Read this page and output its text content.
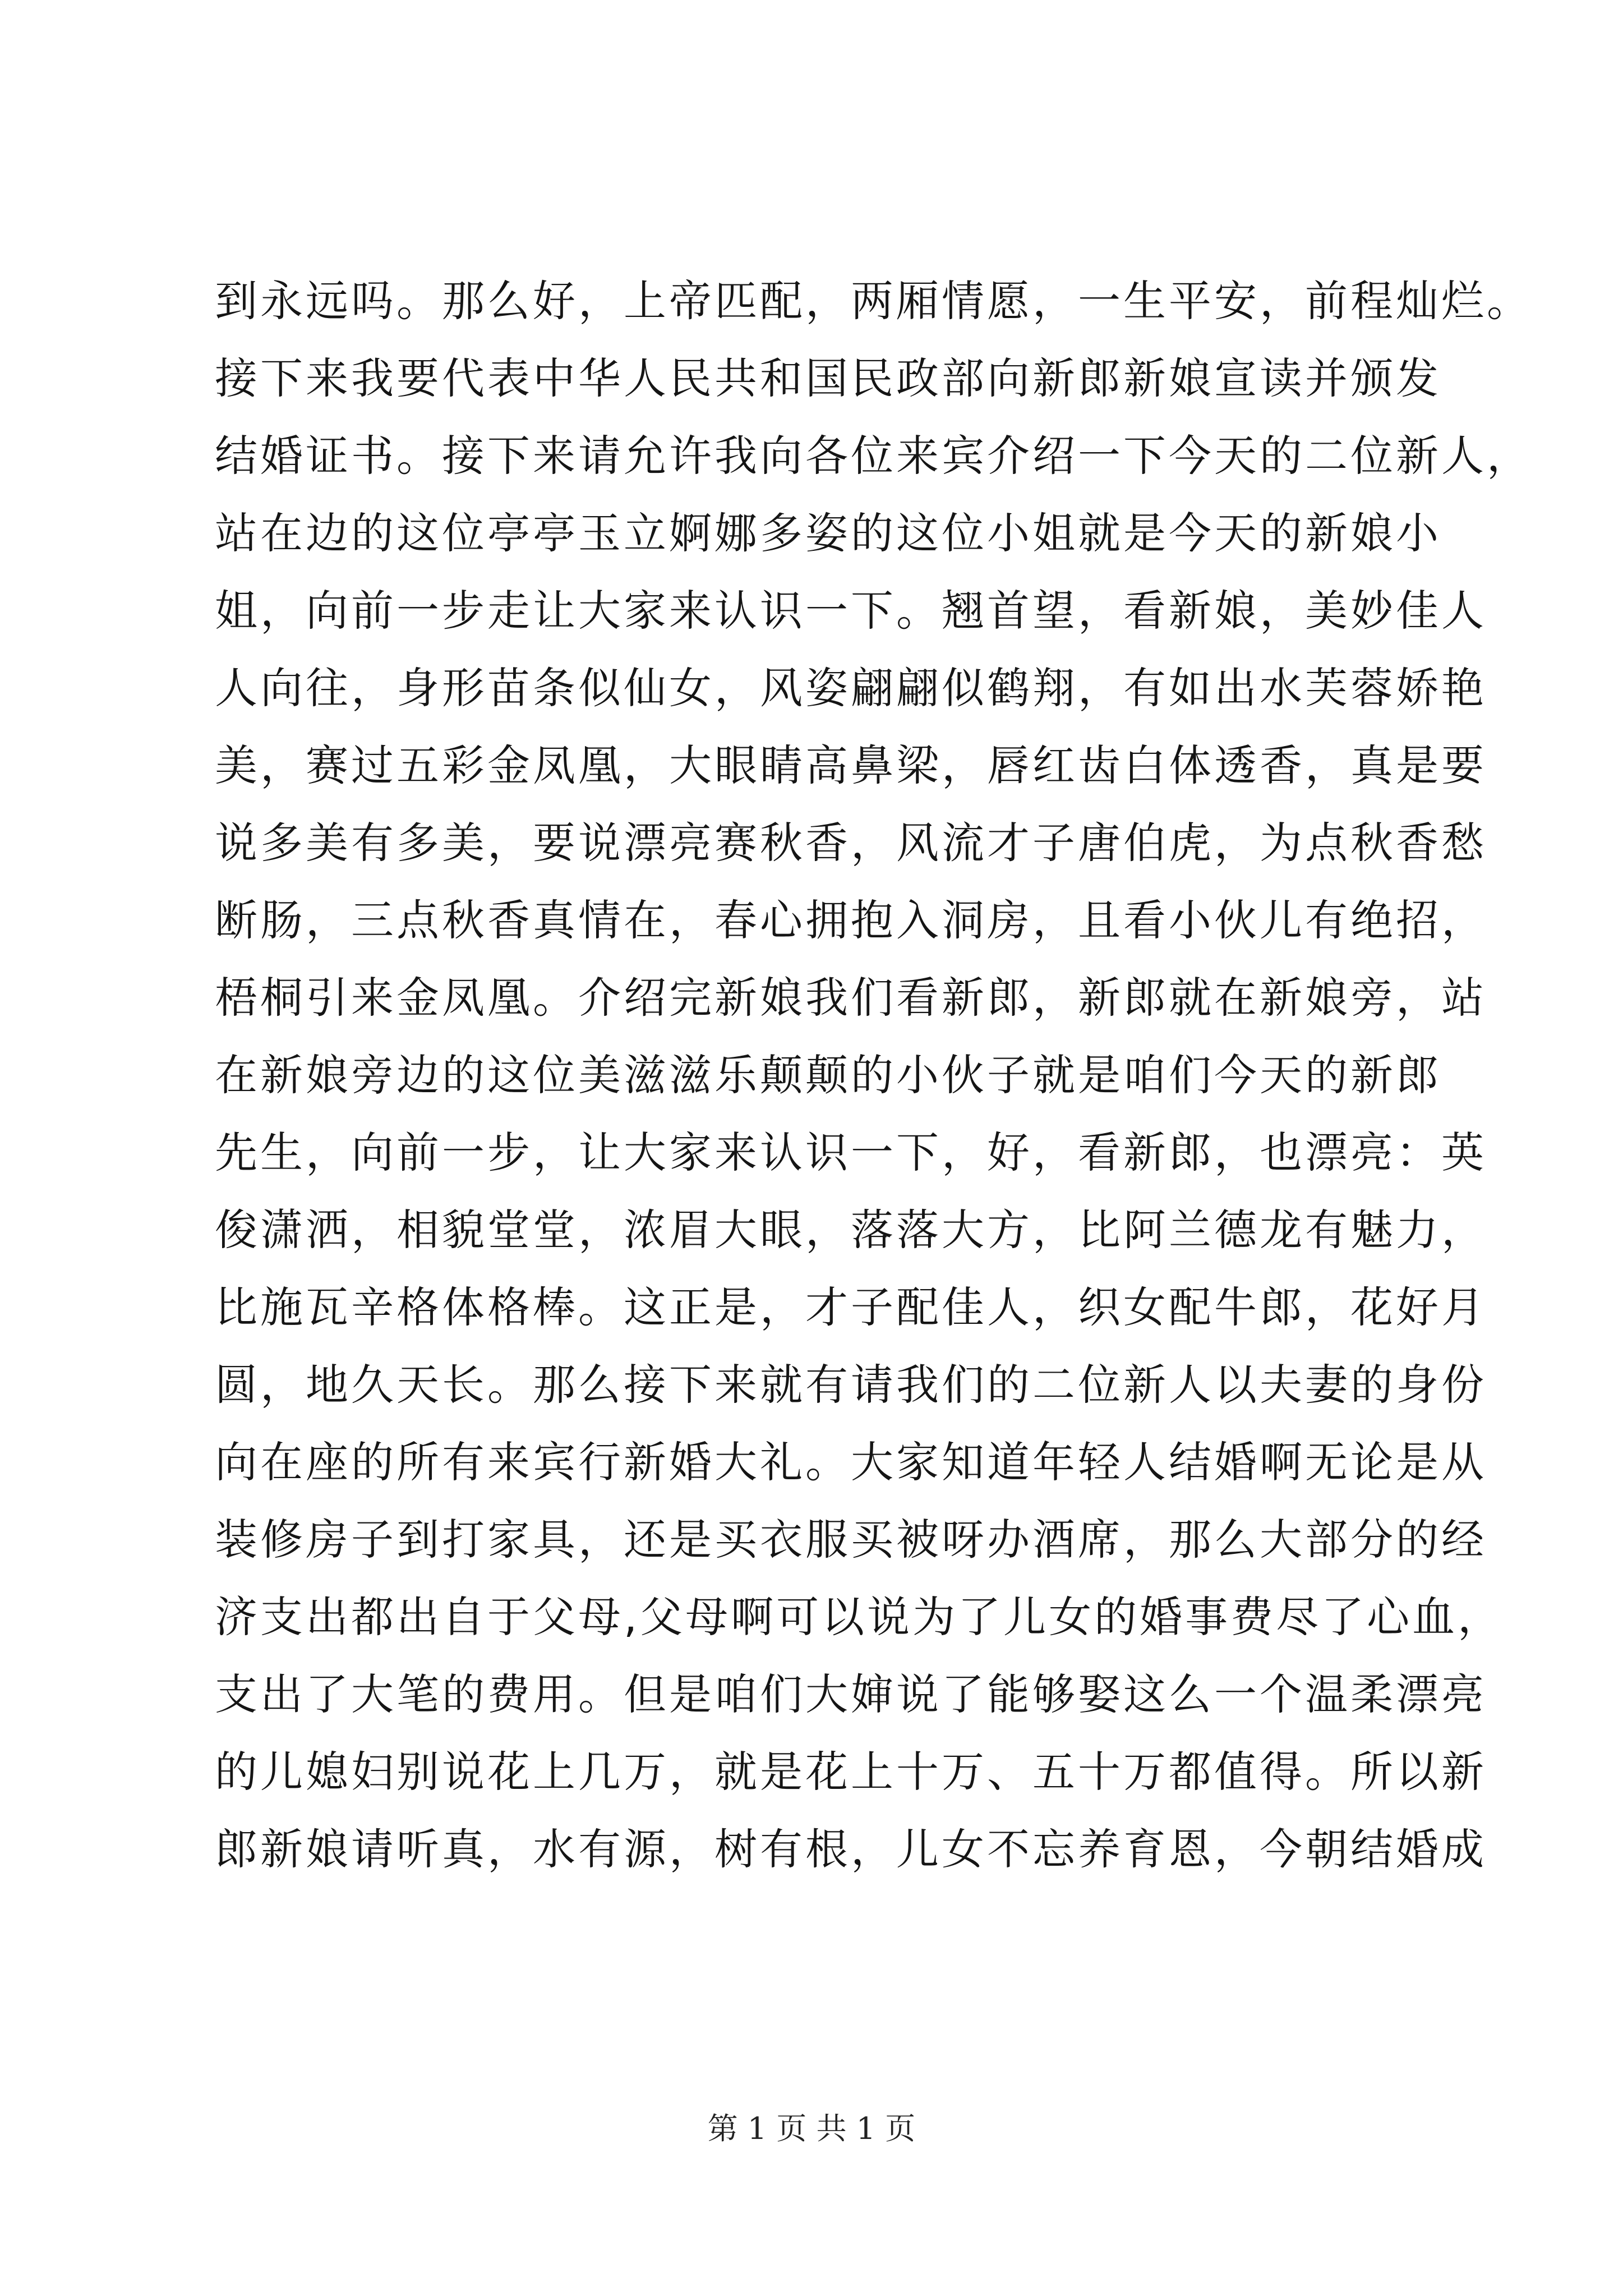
到永远吗。那么好，上帝匹配，两厢情愿，一生平安，前程灿烂。
接下来我要代表中华人民共和国民政部向新郎新娘宣读并颁发
结婚证书。接下来请允许我向各位来宾介绍一下今天的二位新人，
站在边的这位亭亭玉立婀娜多姿的这位小姐就是今天的新娘小
姐，向前一步走让大家来认识一下。翘首望，看新娘，美妙佳人
人向往，身形苗条似仙女，风姿翩翩似鹤翔，有如出水芙蓉娇艳
美，赛过五彩金凤凰，大眼睛高鼻梁，唇红齿白体透香，真是要
说多美有多美，要说漂亮赛秋香，风流才子唐伯虎，为点秋香愁
断肠，三点秋香真情在，春心拥抱入洞房，且看小伙儿有绝招，
梧桐引来金凤凰。介绍完新娘我们看新郎，新郎就在新娘旁，站
在新娘旁边的这位美滋滋乐颠颠的小伙子就是咱们今天的新郎
先生，向前一步，让大家来认识一下，好，看新郎，也漂亮：英
俊潇洒，相貌堂堂，浓眉大眼，落落大方，比阿兰德龙有魅力，
比施瓦辛格体格棒。这正是，才子配佳人，织女配牛郎，花好月
圆，地久天长。那么接下来就有请我们的二位新人以夫妻的身份
向在座的所有来宾行新婚大礼。大家知道年轻人结婚啊无论是从
装修房子到打家具，还是买衣服买被呀办酒席，那么大部分的经
济支出都出自于父母,父母啊可以说为了儿女的婚事费尽了心血，
支出了大笔的费用。但是咱们大婶说了能够娶这么一个温柔漂亮
的儿媳妇别说花上几万，就是花上十万、五十万都值得。所以新
郎新娘请听真，水有源，树有根，儿女不忘养育恩，今朝结婚成
第 1 页 共 1 页
